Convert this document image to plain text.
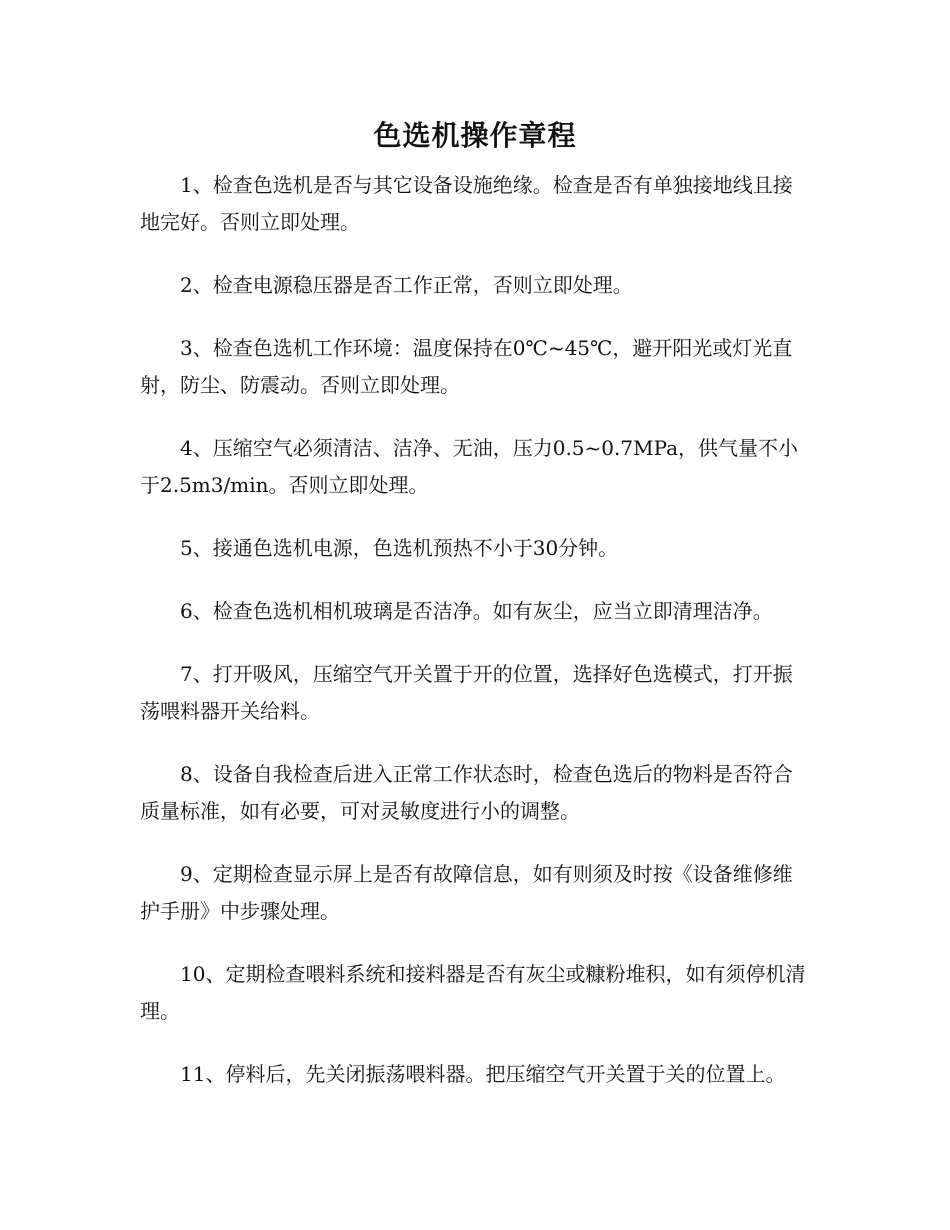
色选机操作章程

1、检查色选机是否与其它设备设施绝缘。检查是否有单独接地线且接地完好。否则立即处理。

2、检查电源稳压器是否工作正常，否则立即处理。

3、检查色选机工作环境：温度保持在0℃~45℃，避开阳光或灯光直射，防尘、防震动。否则立即处理。

4、压缩空气必须清洁、洁净、无油，压力0.5~0.7MPa，供气量不小于2.5m3/min。否则立即处理。

5、接通色选机电源，色选机预热不小于30分钟。

6、检查色选机相机玻璃是否洁净。如有灰尘，应当立即清理洁净。

7、打开吸风，压缩空气开关置于开的位置，选择好色选模式，打开振荡喂料器开关给料。

8、设备自我检查后进入正常工作状态时，检查色选后的物料是否符合质量标准，如有必要，可对灵敏度进行小的调整。

9、定期检查显示屏上是否有故障信息，如有则须及时按《设备维修维护手册》中步骤处理。

10、定期检查喂料系统和接料器是否有灰尘或糠粉堆积，如有须停机清理。

11、停料后，先关闭振荡喂料器。把压缩空气开关置于关的位置上。
